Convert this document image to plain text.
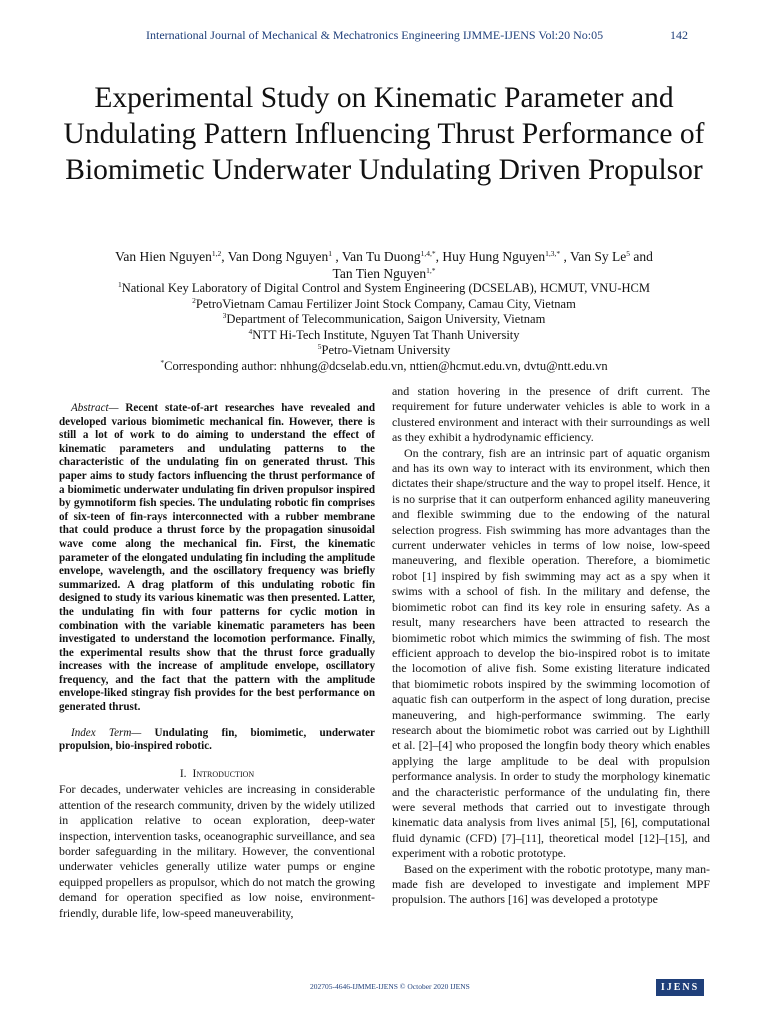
International Journal of Mechanical & Mechatronics Engineering IJMME-IJENS Vol:20 No:05	142
Experimental Study on Kinematic Parameter and Undulating Pattern Influencing Thrust Performance of Biomimetic Underwater Undulating Driven Propulsor
Van Hien Nguyen$^{1,2}$, Van Dong Nguyen$^1$ , Van Tu Duong$^{1,4,*}$, Huy Hung Nguyen$^{1,3,*}$ , Van Sy Le$^5$ and
Tan Tien Nguyen$^{1,*}$
$^1$National Key Laboratory of Digital Control and System Engineering (DCSELAB), HCMUT, VNU-HCM
$^2$PetroVietnam Camau Fertilizer Joint Stock Company, Camau City, Vietnam
$^3$Department of Telecommunication, Saigon University, Vietnam
$^4$NTT Hi-Tech Institute, Nguyen Tat Thanh University
$^5$Petro-Vietnam University
*Corresponding author: nhhung@dcselab.edu.vn, nttien@hcmut.edu.vn, dvtu@ntt.edu.vn

Abstract— Recent state-of-art researches have revealed and developed various biomimetic mechanical fin. However, there is still a lot of work to do aiming to understand the effect of kinematic parameters and undulating patterns to the characteristic of the undulating fin on generated thrust. This paper aims to study factors influencing the thrust performance of a biomimetic underwater undulating fin driven propulsor inspired by gymnotiform fish species. The undulating robotic fin comprises of six-teen of fin-rays interconnected with a rubber membrane that could produce a thrust force by the propagation sinusoidal wave come along the mechanical fin. First, the kinematic parameter of the elongated undulating fin including the amplitude envelope, wavelength, and the oscillatory frequency was briefly summarized. A drag platform of this undulating robotic fin designed to study its various kinematic was then presented. Latter, the undulating fin with four patterns for cyclic motion in combination with the variable kinematic parameters has been investigated to understand the locomotion performance. Finally, the experimental results show that the thrust force gradually increases with the increase of amplitude envelope, oscillatory frequency, and the fact that the pattern with the amplitude envelope-liked stingray fish provides for the best performance on generated thrust.

Index Term— Undulating fin, biomimetic, underwater propulsion, bio-inspired robotic.

I. Introduction

For decades, underwater vehicles are increasing in considerable attention of the research community, driven by the widely utilized in application relative to ocean exploration, deep-water inspection, intervention tasks, oceanographic surveillance, and sea border safeguarding in the military. However, the conventional underwater vehicles generally utilize water pumps or engine equipped propellers as propulsor, which do not match the growing demand for operation specified as low noise, environment-friendly, durable life, low-speed maneuverability,

and station hovering in the presence of drift current. The requirement for future underwater vehicles is able to work in a clustered environment and interact with their surroundings as well as they exhibit a hydrodynamic efficiency.

On the contrary, fish are an intrinsic part of aquatic organism and has its own way to interact with its environment, which then dictates their shape/structure and the way to propel itself. Hence, it is no surprise that it can outperform enhanced agility maneuvering and flexible swimming due to the endowing of the natural selection progress. Fish swimming has more advantages than the current underwater vehicles in terms of low noise, low-speed maneuvering, and flexible operation. Therefore, a biomimetic robot [1] inspired by fish swimming may act as a spy when it swims with a school of fish. In the military and defense, the biomimetic robot can find its key role in ensuring safety. As a result, many researchers have been attracted to research the biomimetic robot which mimics the swimming of fish. The most efficient approach to develop the bio-inspired robot is to imitate the locomotion of alive fish. Some existing literature indicated that biomimetic robots inspired by the swimming locomotion of aquatic fish can outperform in the aspect of long duration, precise maneuvering, and high-performance swimming. The early research about the biomimetic robot was carried out by Lighthill et al. [2]–[4] who proposed the longfin body theory which enables applying the large amplitude to be deal with propulsion performance analysis. In order to study the morphology kinematic and the characteristic performance of the undulating fin, there were several methods that carried out to investigate through kinematic data analysis from lives animal [5], [6], computational fluid dynamic (CFD) [7]–[11], theoretical model [12]–[15], and experiment with a robotic prototype.

Based on the experiment with the robotic prototype, many man-made fish are developed to investigate and implement MPF propulsion. The authors [16] was developed a prototype

202705-4646-IJMME-IJENS © October 2020 IJENS	IJENS
